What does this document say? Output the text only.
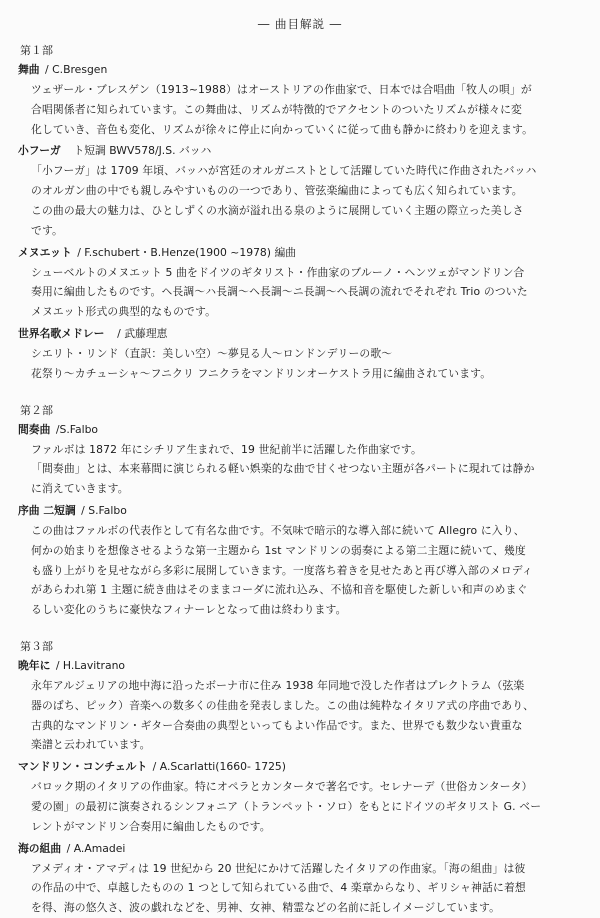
― 曲目解説 ―
第１部
舞曲 / C.Bresgen
ツェザール・ブレスゲン（1913~1988）はオーストリアの作曲家で、日本では合唱曲「牧人の唄」が
合唱関係者に知られています。この舞曲は、リズムが特徴的でアクセントのついたリズムが様々に変
化していき、音色も変化、リズムが徐々に停止に向かっていくに従って曲も静かに終わりを迎えます。
小フーガ　ト短調 BWV578/J.S. バッハ
「小フーガ」は 1709 年頃、バッハが宮廷のオルガニストとして活躍していた時代に作曲されたバッハ
のオルガン曲の中でも親しみやすいものの一つであり、管弦楽編曲によっても広く知られています。
この曲の最大の魅力は、ひとしずくの水滴が溢れ出る泉のように展開していく主題の際立った美しさ
です。
メヌエット / F.schubert・B.Henze(1900 ~1978) 編曲
シューベルトのメヌエット 5 曲をドイツのギタリスト・作曲家のブルーノ・ヘンツェがマンドリン合
奏用に編曲したものです。ヘ長調～ハ長調～ヘ長調～ニ長調～ヘ長調の流れでそれぞれ Trio のついた
メヌエット形式の典型的なものです。
世界名歌メドレー　/ 武藤理恵
シエリト・リンド（直訳：美しい空）～夢見る人～ロンドンデリーの歌～
花祭り～カチューシャ～フニクリ フニクラをマンドリンオーケストラ用に編曲されています。
第２部
間奏曲 /S.Falbo
ファルボは 1872 年にシチリア生まれで、19 世紀前半に活躍した作曲家です。
「間奏曲」とは、本来幕間に演じられる軽い娯楽的な曲で甘くせつない主題が各パートに現れては静か
に消えていきます。
序曲 二短調 / S.Falbo
この曲はファルボの代表作として有名な曲です。不気味で暗示的な導入部に続いて Allegro に入り、
何かの始まりを想像させるような第一主題から 1st マンドリンの弱奏による第二主題に続いて、幾度
も盛り上がりを見せながら多彩に展開していきます。一度落ち着きを見せたあと再び導入部のメロディ
があらわれ第 1 主題に続き曲はそのままコーダに流れ込み、不協和音を駆使した新しい和声のめまぐ
るしい変化のうちに豪快なフィナーレとなって曲は終わります。
第３部
晩年に / H.Lavitrano
永年アルジェリアの地中海に沿ったボーナ市に住み 1938 年同地で没した作者はプレクトラム（弦楽
器のばち、ピック）音楽への数多くの佳曲を発表しました。この曲は純粋なイタリア式の序曲であり、
古典的なマンドリン・ギター合奏曲の典型といってもよい作品です。また、世界でも数少ない貴重な
楽譜と云われています。
マンドリン・コンチェルト / A.Scarlatti(1660- 1725)
バロック期のイタリアの作曲家。特にオペラとカンタータで著名です。セレナーデ（世俗カンタータ）
愛の園」の最初に演奏されるシンフォニア（トランペット・ソロ）をもとにドイツのギタリスト G. ベー
レントがマンドリン合奏用に編曲したものです。
海の組曲 / A.Amadei
アメディオ・アマディは 19 世紀から 20 世紀にかけて活躍したイタリアの作曲家。「海の組曲」は彼
の作品の中で、卓越したものの 1 つとして知られている曲で、4 楽章からなり、ギリシャ神話に着想
を得、海の悠久さ、波の戯れなどを、男神、女神、精霊などの名前に託しイメージしています。
